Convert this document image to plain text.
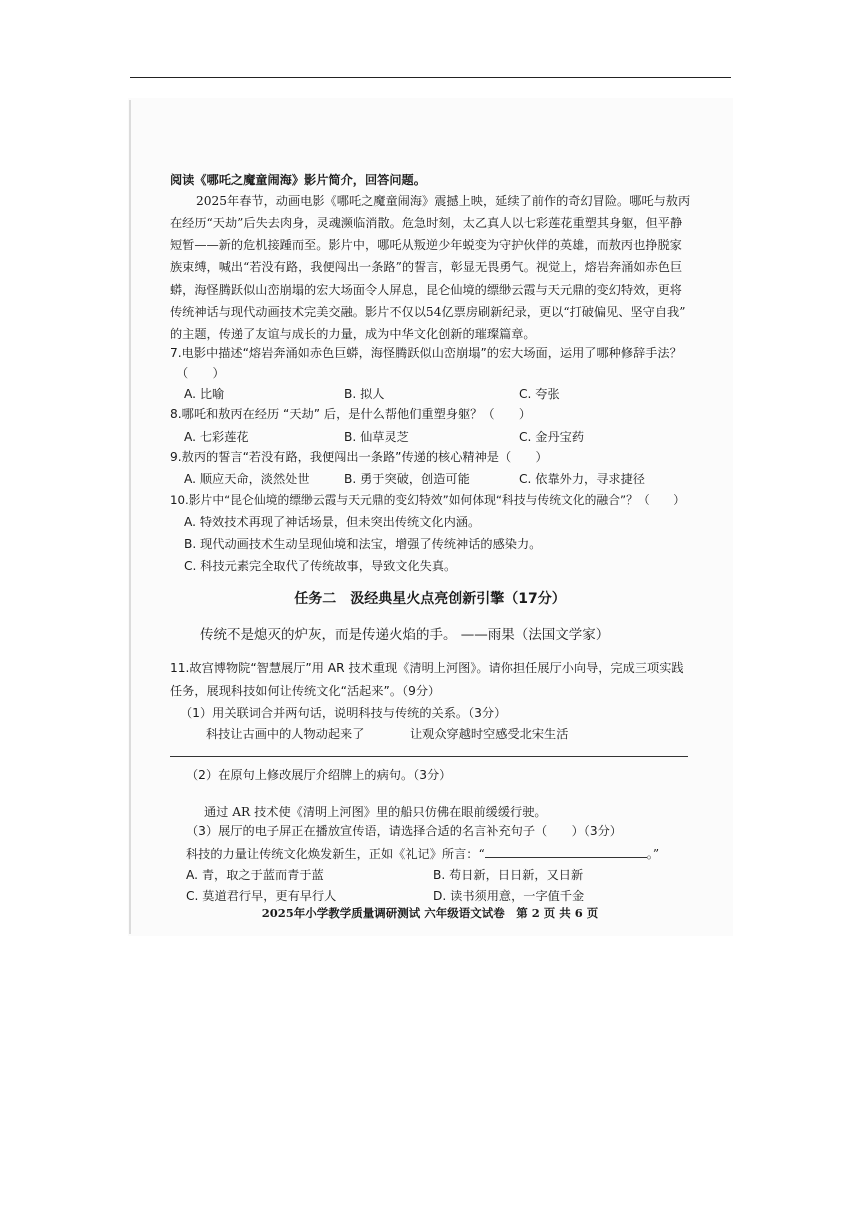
阅读《哪吒之魔童闹海》影片简介，回答问题。
2025年春节，动画电影《哪吒之魔童闹海》震撼上映，延续了前作的奇幻冒险。哪吒与敖丙
在经历“天劫”后失去肉身，灵魂濒临消散。危急时刻，太乙真人以七彩莲花重塑其身躯，但平静
短暂——新的危机接踵而至。影片中，哪吒从叛逆少年蜕变为守护伙伴的英雄，而敖丙也挣脱家
族束缚，喊出“若没有路，我便闯出一条路”的誓言，彰显无畏勇气。视觉上，熔岩奔涌如赤色巨
蟒，海怪腾跃似山峦崩塌的宏大场面令人屏息，昆仑仙境的缥缈云霞与天元鼎的变幻特效，更将
传统神话与现代动画技术完美交融。影片不仅以54亿票房刷新纪录，更以“打破偏见、坚守自我”
的主题，传递了友谊与成长的力量，成为中华文化创新的璀璨篇章。
7.电影中描述“熔岩奔涌如赤色巨蟒，海怪腾跃似山峦崩塌”的宏大场面，运用了哪种修辞手法？
（　　）
A. 比喻	B. 拟人	C. 夸张
8.哪吒和敖丙在经历 “天劫” 后，是什么帮他们重塑身躯？（　　）
A. 七彩莲花	B. 仙草灵芝	C. 金丹宝药
9.敖丙的誓言“若没有路，我便闯出一条路”传递的核心精神是（　　）
A. 顺应天命，淡然处世	B. 勇于突破，创造可能	C. 依靠外力，寻求捷径
10.影片中“昆仑仙境的缥缈云霞与天元鼎的变幻特效”如何体现“科技与传统文化的融合”？（　　）
A. 特效技术再现了神话场景，但未突出传统文化内涵。
B. 现代动画技术生动呈现仙境和法宝，增强了传统神话的感染力。
C. 科技元素完全取代了传统故事，导致文化失真。
任务二　汲经典星火点亮创新引擎（17分）
传统不是熄灭的炉灰，而是传递火焰的手。 ——雨果（法国文学家）
11.故宫博物院“智慧展厅”用 AR 技术重现《清明上河图》。请你担任展厅小向导，完成三项实践
任务，展现科技如何让传统文化“活起来”。（9分）
（1）用关联词合并两句话，说明科技与传统的关系。（3分）
科技让古画中的人物动起来了	让观众穿越时空感受北宋生活
（2）在原句上修改展厅介绍牌上的病句。（3分）
通过 AR 技术使《清明上河图》里的船只仿佛在眼前缓缓行驶。
（3）展厅的电子屏正在播放宣传语，请选择合适的名言补充句子（　　）（3分）
科技的力量让传统文化焕发新生，正如《礼记》所言：“	。”
A. 青，取之于蓝而青于蓝	B. 苟日新，日日新，又日新
C. 莫道君行早，更有早行人	D. 读书须用意，一字值千金
2025年小学教学质量调研测试 六年级语文试卷　第 2 页 共 6 页
